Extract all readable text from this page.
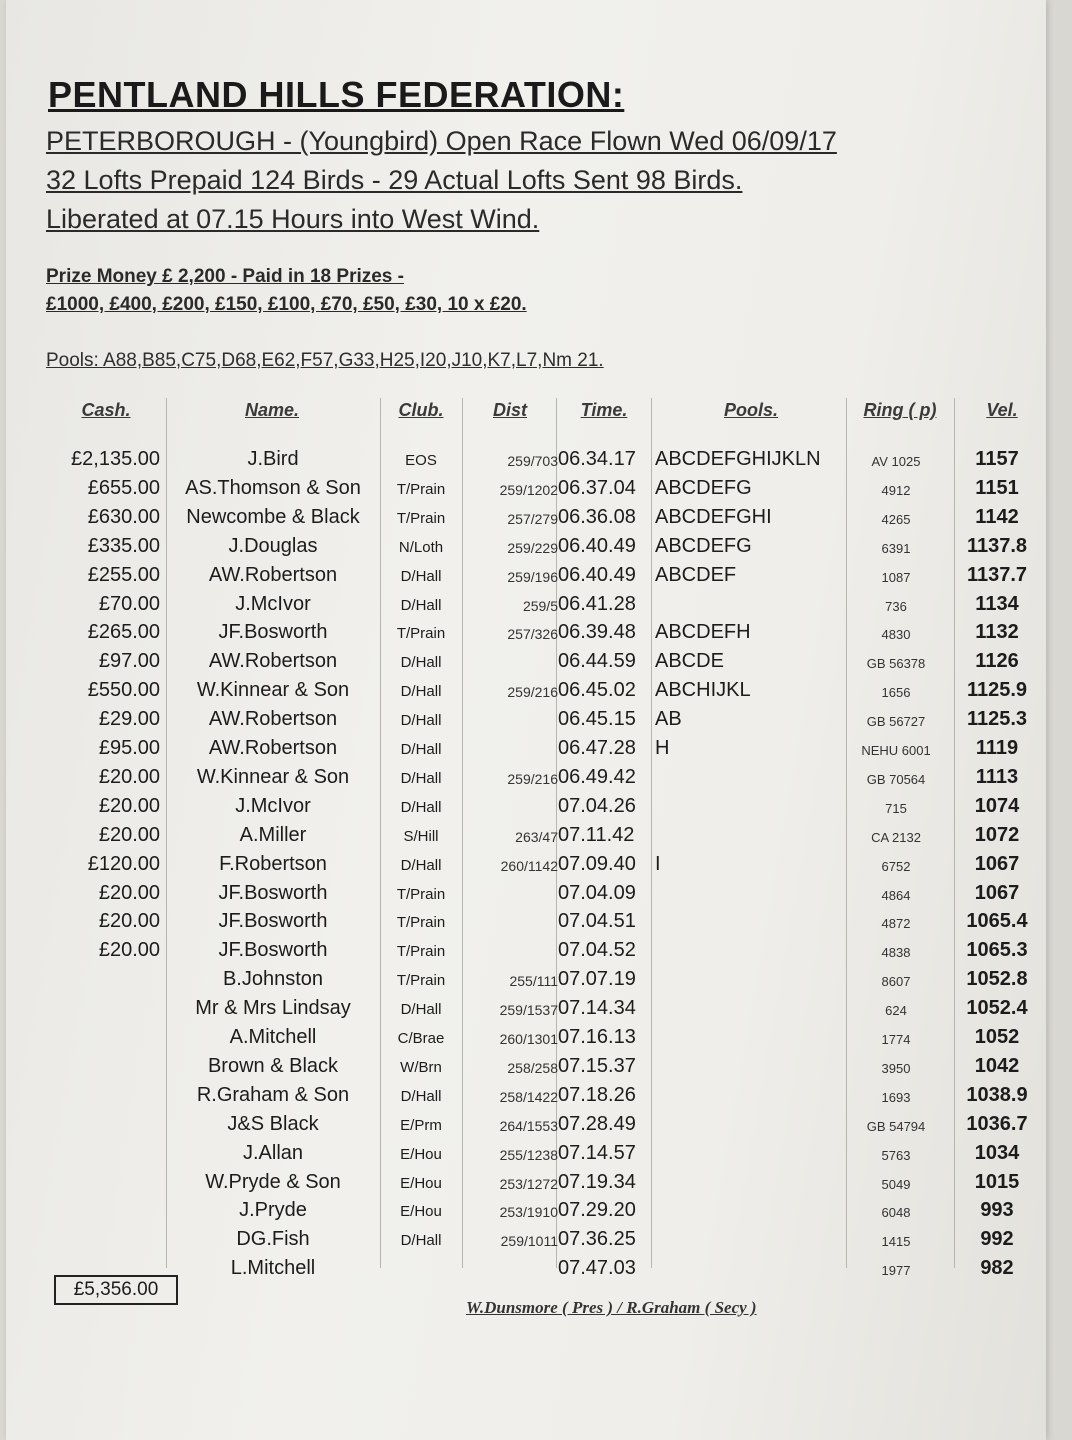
PENTLAND HILLS FEDERATION:

PETERBOROUGH - (Youngbird) Open Race Flown Wed 06/09/17

32 Lofts Prepaid 124 Birds - 29 Actual Lofts Sent 98 Birds.

Liberated at 07.15 Hours into West Wind.

Prize Money £ 2,200 - Paid in 18 Prizes -

£1000, £400, £200, £150, £100, £70, £50, £30, 10 x £20.

Pools: A88,B85,C75,D68,E62,F57,G33,H25,I20,J10,K7,L7,Nm 21.

Cash.	Name.	Club.	Dist	Time.	Pools.	Ring ( p)	Vel.
£2,135.00	J.Bird	EOS	259/703 06.34.17 ABCDEFGHIJKLN	AV 1025	1157
£655.00	AS.Thomson & Son	T/Prain	259/1202 06.37.04 ABCDEFG	4912	1151
£630.00	Newcombe & Black	T/Prain	257/279 06.36.08 ABCDEFGHI	4265	1142
£335.00	J.Douglas	N/Loth	259/229 06.40.49 ABCDEFG	6391	1137.8
£255.00	AW.Robertson	D/Hall	259/196 06.40.49 ABCDEF	1087	1137.7
£70.00	J.McIvor	D/Hall	259/5 06.41.28	736	1134
£265.00	JF.Bosworth	T/Prain	257/326 06.39.48 ABCDEFH	4830	1132
£97.00	AW.Robertson	D/Hall	06.44.59 ABCDE	GB 56378	1126
£550.00	W.Kinnear & Son	D/Hall	259/216 06.45.02 ABCHIJKL	1656	1125.9
£29.00	AW.Robertson	D/Hall	06.45.15 AB	GB 56727	1125.3
£95.00	AW.Robertson	D/Hall	06.47.28 H	NEHU 6001	1119
£20.00	W.Kinnear & Son	D/Hall	259/216 06.49.42	GB 70564	1113
£20.00	J.McIvor	D/Hall	07.04.26	715	1074
£20.00	A.Miller	S/Hill	263/47 07.11.42	CA 2132	1072
£120.00	F.Robertson	D/Hall	260/1142 07.09.40 I	6752	1067
£20.00	JF.Bosworth	T/Prain	07.04.09	4864	1067
£20.00	JF.Bosworth	T/Prain	07.04.51	4872	1065.4
£20.00	JF.Bosworth	T/Prain	07.04.52	4838	1065.3
B.Johnston	T/Prain	255/111 07.07.19	8607	1052.8
Mr & Mrs Lindsay	D/Hall	259/1537 07.14.34	624	1052.4
A.Mitchell	C/Brae	260/1301 07.16.13	1774	1052
Brown & Black	W/Brn	258/258 07.15.37	3950	1042
R.Graham & Son	D/Hall	258/1422 07.18.26	1693	1038.9
J&S Black	E/Prm	264/1553 07.28.49	GB 54794	1036.7
J.Allan	E/Hou	255/1238 07.14.57	5763	1034
W.Pryde & Son	E/Hou	253/1272 07.19.34	5049	1015
J.Pryde	E/Hou	253/1910 07.29.20	6048	993
DG.Fish	D/Hall	259/1011 07.36.25	1415	992
L.Mitchell	07.47.03	1977	982
£5,356.00

W.Dunsmore ( Pres ) / R.Graham ( Secy )
